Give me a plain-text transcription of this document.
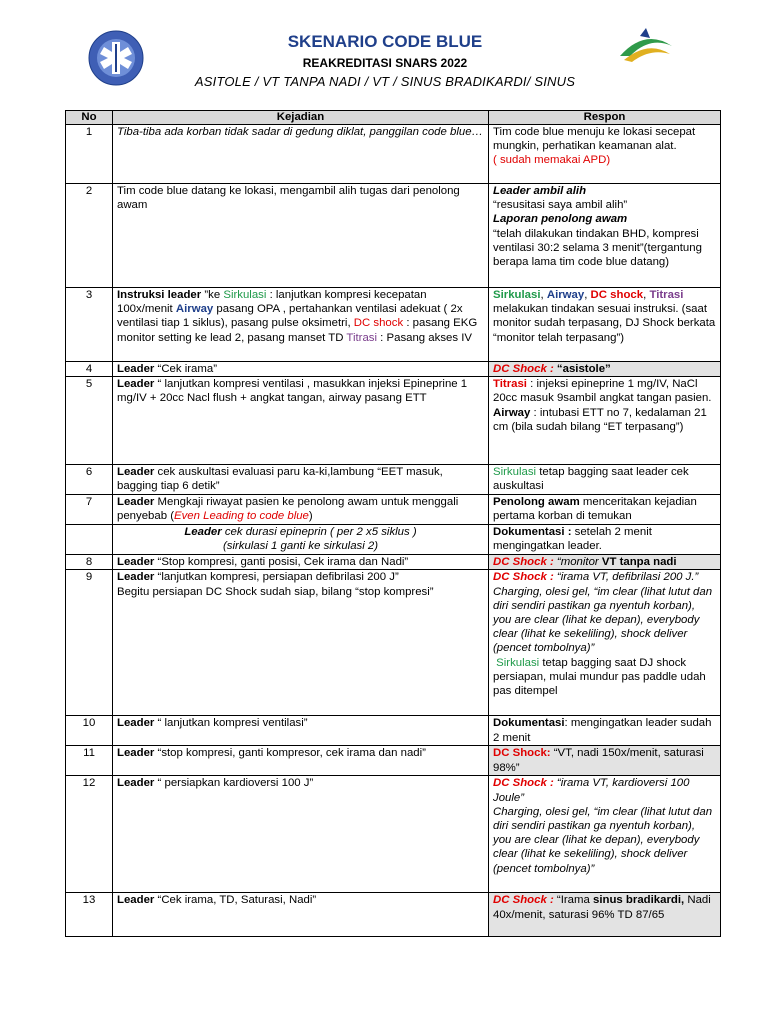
SKENARIO CODE BLUE
REAKREDITASI SNARS 2022
ASITOLE / VT TANPA NADI / VT / SINUS BRADIKARDI/ SINUS
No	Kejadian	Respon
1	Tiba-tiba ada korban tidak sadar di gedung diklat, panggilan code blue…	Tim code blue menuju ke lokasi secepat mungkin, perhatikan keamanan alat.
( sudah memakai APD)
2	Tim code blue datang ke lokasi, mengambil alih tugas dari penolong awam	Leader ambil alih
“resusitasi saya ambil alih”
Laporan penolong awam
“telah dilakukan tindakan BHD, kompresi ventilasi 30:2 selama 3 menit”(tergantung berapa lama tim code blue datang)
3	Instruksi leader ”ke Sirkulasi : lanjutkan kompresi kecepatan 100x/menit Airway pasang OPA , pertahankan ventilasi adekuat ( 2x ventilasi tiap 1 siklus), pasang pulse oksimetri, DC shock : pasang EKG monitor setting ke lead 2, pasang manset TD Titrasi : Pasang akses IV	Sirkulasi, Airway, DC shock, Titrasi melakukan tindakan sesuai instruksi. (saat monitor sudah terpasang, DJ Shock berkata “monitor telah terpasang”)
4	Leader “Cek irama”	DC Shock : “asistole”
5	Leader “ lanjutkan kompresi ventilasi , masukkan injeksi Epineprine 1 mg/IV + 20cc Nacl flush + angkat tangan, airway pasang ETT	Titrasi : injeksi epineprine 1 mg/IV, NaCl 20cc masuk 9sambil angkat tangan pasien.
Airway : intubasi ETT no 7, kedalaman 21 cm (bila sudah bilang “ET terpasang”)
6	Leader cek auskultasi evaluasi paru ka-ki,lambung “EET masuk, bagging tiap 6 detik”	Sirkulasi tetap bagging saat leader cek auskultasi
7	Leader Mengkaji riwayat pasien ke penolong awam untuk menggali penyebab (Even Leading to code blue)	Penolong awam menceritakan kejadian pertama korban di temukan
	Leader cek durasi epineprin ( per 2 x5 siklus )
(sirkulasi 1 ganti ke sirkulasi 2)	Dokumentasi : setelah 2 menit mengingatkan leader.
8	Leader “Stop kompresi, ganti posisi, Cek irama dan Nadi”	DC Shock : “monitor VT tanpa nadi
9	Leader “lanjutkan kompresi, persiapan defibrilasi 200 J”
Begitu persiapan DC Shock sudah siap, bilang “stop kompresi”	DC Shock : “irama VT, defibrilasi 200 J.” Charging, olesi gel, “im clear (lihat lutut dan diri sendiri pastikan ga nyentuh korban), you are clear (lihat ke depan), everybody clear (lihat ke sekeliling), shock deliver (pencet tombolnya)”
Sirkulasi tetap bagging saat DJ shock persiapan, mulai mundur pas paddle udah pas ditempel
10	Leader “ lanjutkan kompresi ventilasi”	Dokumentasi: mengingatkan leader sudah 2 menit
11	Leader “stop kompresi, ganti kompresor, cek irama dan nadi”	DC Shock: “VT, nadi 150x/menit, saturasi 98%”
12	Leader “ persiapkan kardioversi 100 J”	DC Shock : “irama VT, kardioversi 100 Joule”
Charging, olesi gel, “im clear (lihat lutut dan diri sendiri pastikan ga nyentuh korban), you are clear (lihat ke depan), everybody clear (lihat ke sekeliling), shock deliver (pencet tombolnya)”
13	Leader “Cek irama, TD, Saturasi, Nadi”	DC Shock : “Irama sinus bradikardi, Nadi 40x/menit, saturasi 96% TD 87/65
